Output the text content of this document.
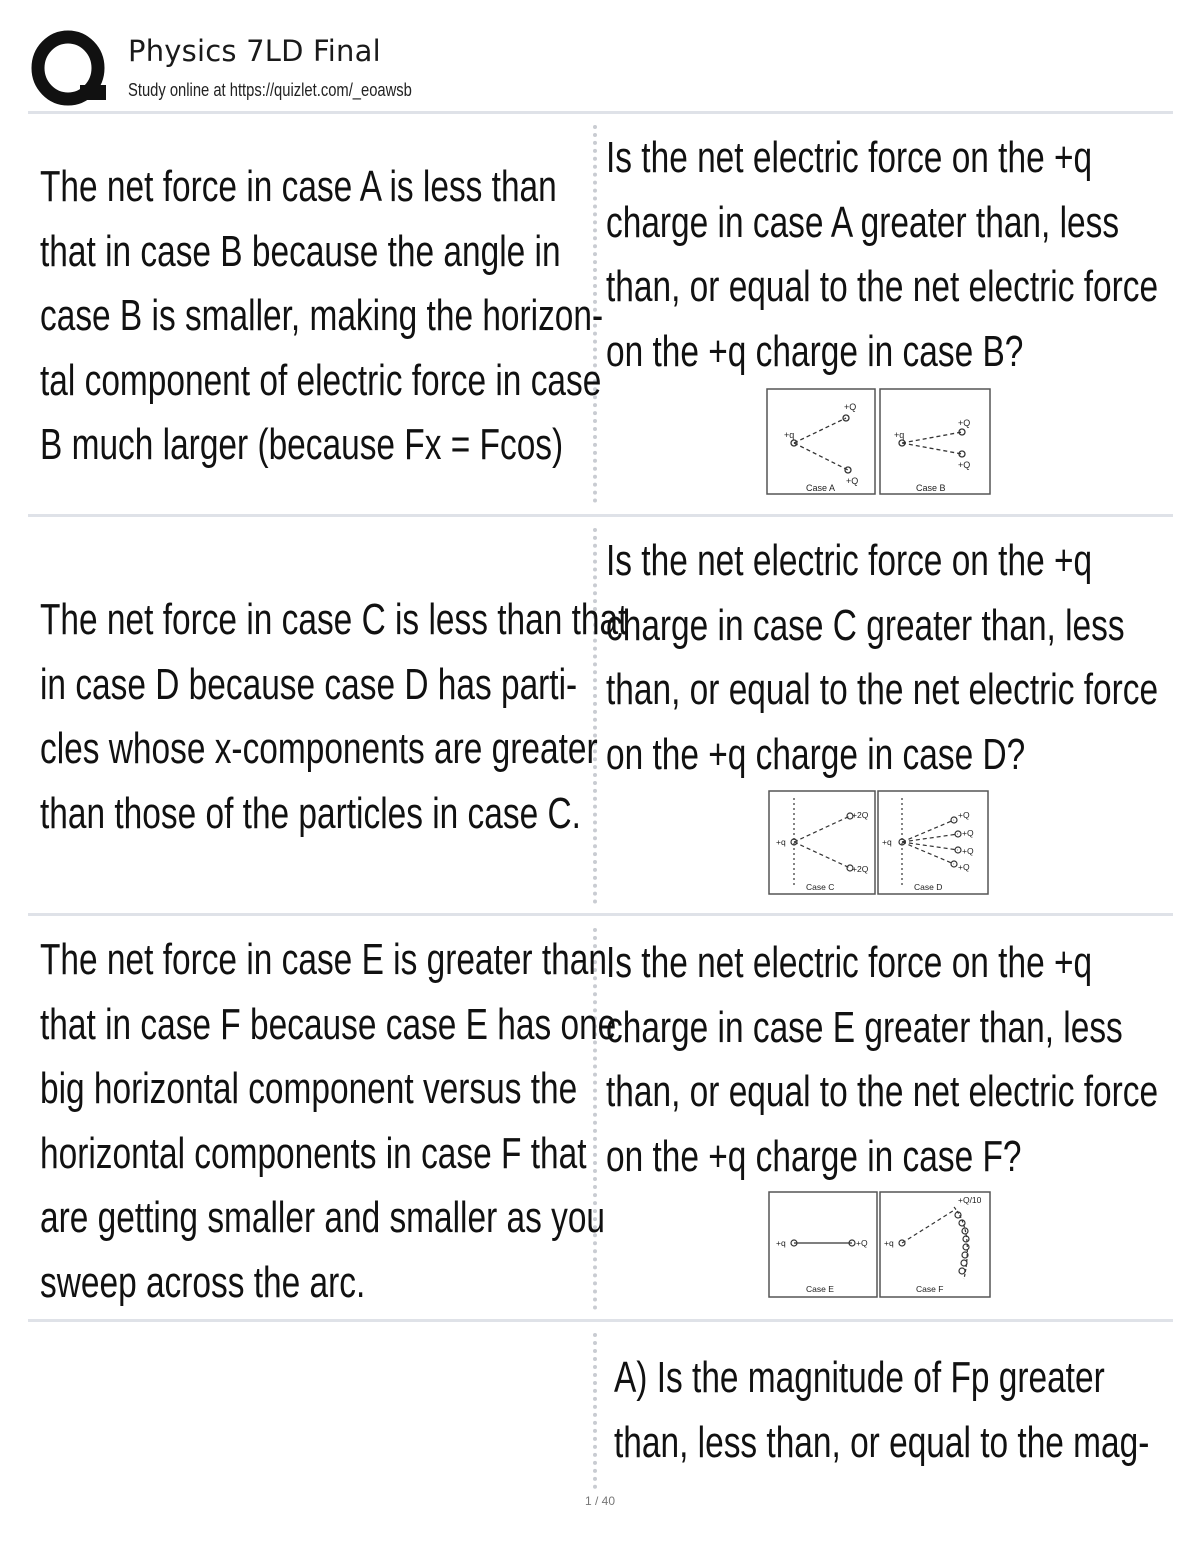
Physics 7LD Final
Study online at https://quizlet.com/_eoawsb
The net force in case A is less than
that in case B because the angle in
case B is smaller, making the horizon-
tal component of electric force in case
B much larger (because Fx = Fcos)
Is the net electric force on the +q
charge in case A greater than, less
than, or equal to the net electric force
on the +q charge in case B?
+Q
+Q
+q	+q
+Q
+Q
Case A	Case B
The net force in case C is less than that
in case D because case D has parti-
cles whose x-components are greater
than those of the particles in case C.
Is the net electric force on the +q
charge in case C greater than, less
than, or equal to the net electric force
on the +q charge in case D?
+2Q
+q
+2Q
+Q
+Q
+Q
+Q
+q
Case C	Case D
The net force in case E is greater than
that in case F because case E has one
big horizontal component versus the
horizontal components in case F that
are getting smaller and smaller as you
sweep across the arc.
Is the net electric force on the +q
charge in case E greater than, less
than, or equal to the net electric force
on the +q charge in case F?
+q	+Q +q
+Q/10
Case E	Case F
A) Is the magnitude of Fp greater
than, less than, or equal to the mag-
1 / 40
